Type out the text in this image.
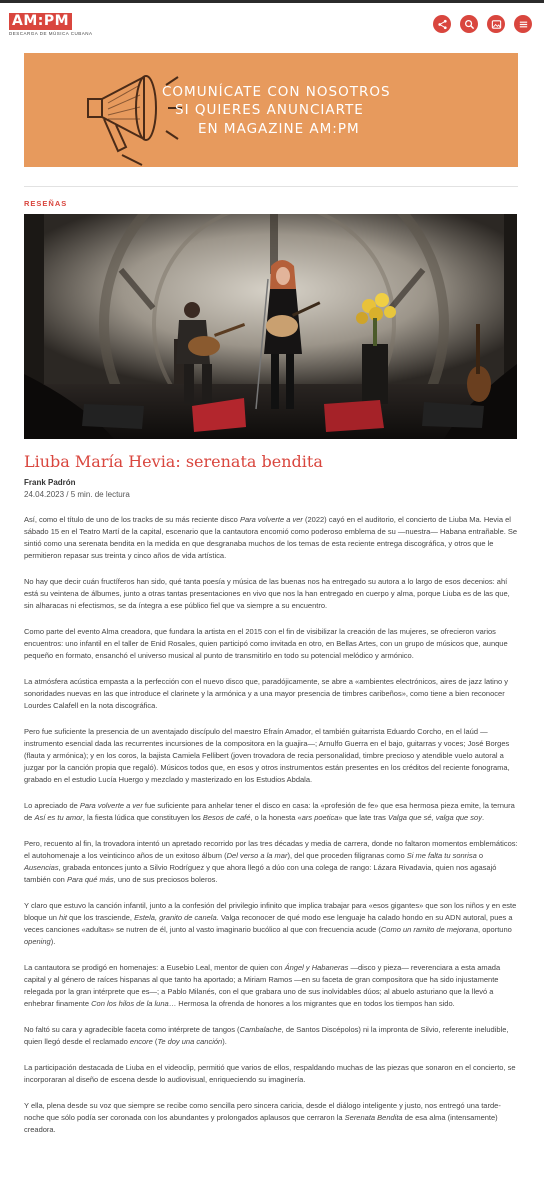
AM:PM
DESCARGA DE MÚSICA CUBANA
COMUNÍCATE CON NOSOTROS
SI QUIERES ANUNCIARTE
EN MAGAZINE AM:PM
RESEÑAS
Liuba María Hevia: serenata bendita
Frank Padrón
24.04.2023 / 5 min. de lectura

Así, como el título de uno de los tracks de su más reciente disco Para volverte a ver (2022) cayó en el auditorio, el concierto de Liuba Ma. Hevia el sábado 15 en el Teatro Martí de la capital, escenario que la cantautora encomió como poderoso emblema de su —nuestra— Habana entrañable. Se sintió como una serenata bendita en la medida en que desgranaba muchos de los temas de esta reciente entrega discográfica, y otros que le permitieron repasar sus treinta y cinco años de vida artística.

No hay que decir cuán fructíferos han sido, qué tanta poesía y música de las buenas nos ha entregado su autora a lo largo de esos decenios: ahí está su veintena de álbumes, junto a otras tantas presentaciones en vivo que nos la han entregado en cuerpo y alma, porque Liuba es de las que, sin alharacas ni efectismos, se da íntegra a ese público fiel que va siempre a su encuentro.

Como parte del evento Alma creadora, que fundara la artista en el 2015 con el fin de visibilizar la creación de las mujeres, se ofrecieron varios encuentros: uno infantil en el taller de Enid Rosales, quien participó como invitada en otro, en Bellas Artes, con un grupo de músicos que, aunque pequeño en formato, ensanchó el universo musical al punto de transmitirlo en todo su potencial melódico y armónico.

La atmósfera acústica empasta a la perfección con el nuevo disco que, paradójicamente, se abre a «ambientes electrónicos, aires de jazz latino y sonoridades nuevas en las que introduce el clarinete y la armónica y a una mayor presencia de timbres caribeños», como tiene a bien reconocer Lourdes Calafell en la nota discográfica.

Pero fue suficiente la presencia de un aventajado discípulo del maestro Efraín Amador, el también guitarrista Eduardo Corcho, en el laúd —instrumento esencial dada las recurrentes incursiones de la compositora en la guajira—; Arnulfo Guerra en el bajo, guitarras y voces; José Borges (flauta y armónica); y en los coros, la bajista Camiela Fellibert (joven trovadora de recia personalidad, timbre precioso y atendible vuelo autoral a juzgar por la canción propia que regaló). Músicos todos que, en esos y otros instrumentos están presentes en los créditos del reciente fonograma, grabado en el estudio Lucía Huergo y mezclado y masterizado en los Estudios Abdala.

Lo apreciado de Para volverte a ver fue suficiente para anhelar tener el disco en casa: la «profesión de fe» que esa hermosa pieza emite, la ternura de Así es tu amor, la fiesta lúdica que constituyen los Besos de café, o la honesta «ars poetica» que late tras Valga que sé, valga que soy.

Pero, recuento al fin, la trovadora intentó un apretado recorrido por las tres décadas y media de carrera, donde no faltaron momentos emblemáticos: el autohomenaje a los veinticinco años de un exitoso álbum (Del verso a la mar), del que proceden filigranas como Si me falta tu sonrisa o Ausencias, grabada entonces junto a Silvio Rodríguez y que ahora llegó a dúo con una colega de rango: Lázara Rivadavia, quien nos agasajó también con Para qué más, uno de sus preciosos boleros.

Y claro que estuvo la canción infantil, junto a la confesión del privilegio infinito que implica trabajar para «esos gigantes» que son los niños y en este bloque un hit que los trasciende, Estela, granito de canela. Valga reconocer de qué modo ese lenguaje ha calado hondo en su ADN autoral, pues a veces canciones «adultas» se nutren de él, junto al vasto imaginario bucólico al que con frecuencia acude (Como un ramito de mejorana, oportuno opening).

La cantautora se prodigó en homenajes: a Eusebio Leal, mentor de quien con Ángel y Habaneras —disco y pieza— reverenciara a esta amada capital y al género de raíces hispanas al que tanto ha aportado; a Miriam Ramos —en su faceta de gran compositora que ha sido injustamente relegada por la gran intérprete que es—; a Pablo Milanés, con el que grabara uno de sus inolvidables dúos; al abuelo asturiano que la llevó a enhebrar finamente Con los hilos de la luna… Hermosa la ofrenda de honores a los migrantes que en todos los tiempos han sido.

No faltó su cara y agradecible faceta como intérprete de tangos (Cambalache, de Santos Discépolos) ni la impronta de Silvio, referente ineludible, quien llegó desde el reclamado encore (Te doy una canción).

La participación destacada de Liuba en el videoclip, permitió que varios de ellos, respaldando muchas de las piezas que sonaron en el concierto, se incorporaran al diseño de escena desde lo audiovisual, enriqueciendo su imaginería.

Y ella, plena desde su voz que siempre se recibe como sencilla pero sincera caricia, desde el diálogo inteligente y justo, nos entregó una tarde-noche que sólo podía ser coronada con los abundantes y prolongados aplausos que cerraron la Serenata Bendita de esa alma (intensamente) creadora.
